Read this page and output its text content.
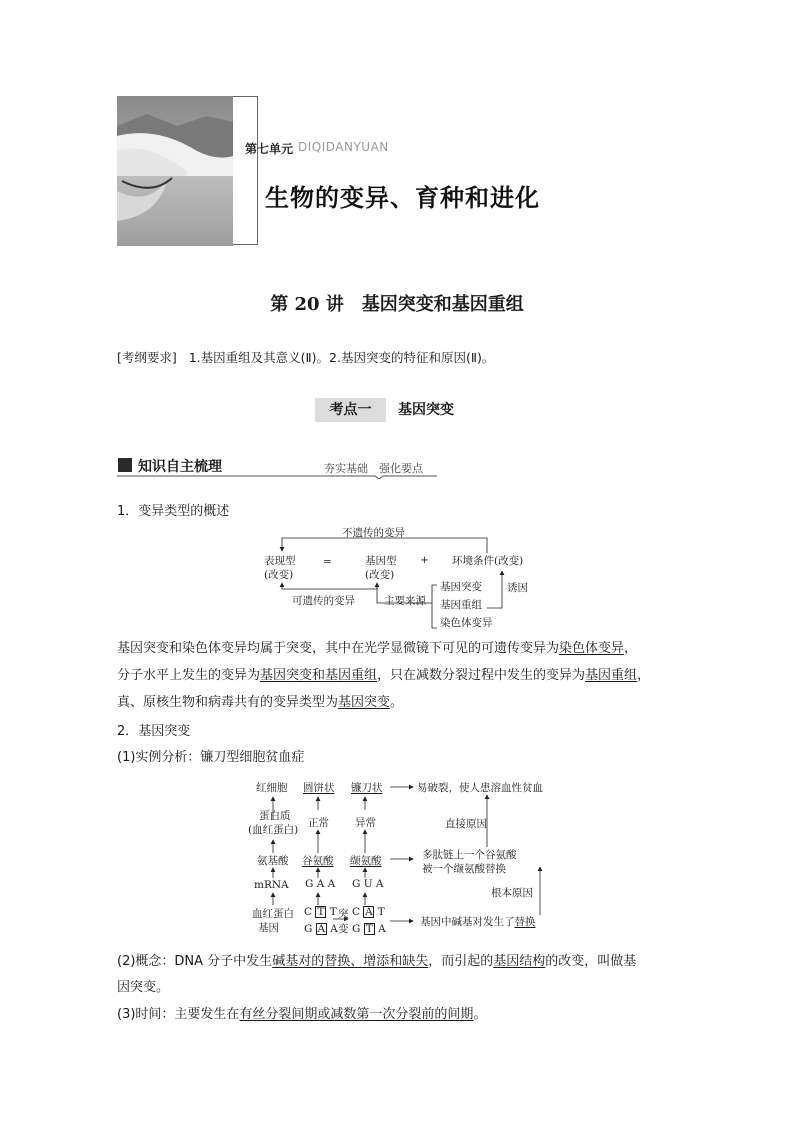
第七单元 DIQIDANYUAN
生物的变异、育种和进化
第 20 讲　基因突变和基因重组
[考纲要求] 1.基因重组及其意义(Ⅱ)。2.基因突变的特征和原因(Ⅱ)。
考点一	基因突变
知识自主梳理	夯实基础　强化要点
1．变异类型的概述
不遗传的变异
表现型
(改变)
=	基因型
(改变)
+ 环境条件(改变)
可遗传的变异	主要来源
诱因
基因突变
基因重组
染色体变异
基因突变和染色体变异均属于突变，其中在光学显微镜下可见的可遗传变异为染色体变异，
分子水平上发生的变异为基因突变和基因重组，只在减数分裂过程中发生的变异为基因重组，
真、原核生物和病毒共有的变异类型为基因突变。
2．基因突变
(1)实例分析：镰刀型细胞贫血症
红细胞 圆饼状 镰刀状	易破裂，使人患溶血性贫血
蛋白质
(血红蛋白)
正常 异常	直接原因
氨基酸 谷氨酸 缬氨酸	多肽链上一个谷氨酸
被一个缬氨酸替换
mRNA G A A G U A
根本原因
血红蛋白
基因
C T T
G A A
突
变
C A T
G T A
基因中碱基对发生了替换
(2)概念：DNA 分子中发生碱基对的替换、增添和缺失，而引起的基因结构的改变，叫做基
因突变。
(3)时间：主要发生在有丝分裂间期或减数第一次分裂前的间期。
